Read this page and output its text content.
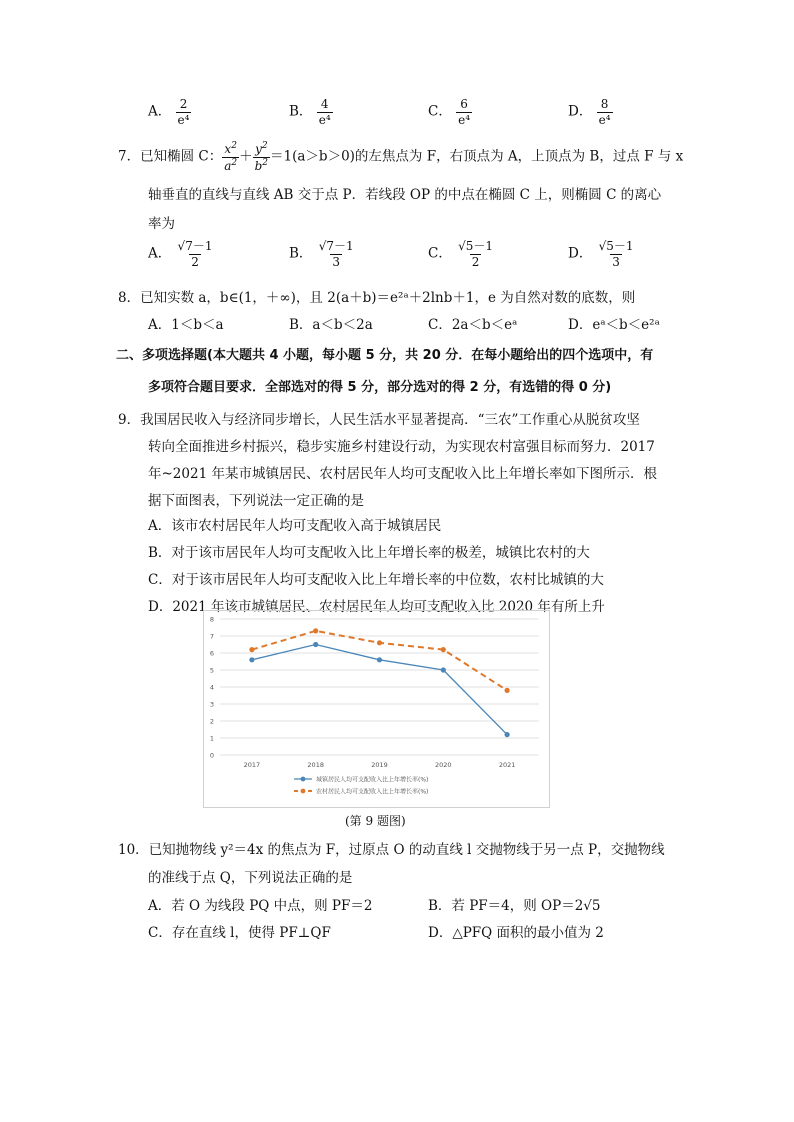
A． $\frac{2}{\text{e⁴}}$	B． $\frac{4}{\text{e⁴}}$	C． $\frac{6}{\text{e⁴}}$	D． $\frac{8}{\text{e⁴}}$
7．已知椭圆 C： $\frac{x^2}{a^2} + \frac{y^2}{b^2} =1(a>b>0)$的左焦点为 F，右顶点为 A，上顶点为 B，过点 F 与 x
轴垂直的直线与直线 AB 交于点 P．若线段 OP 的中点在椭圆 C 上，则椭圆 C 的离心
率为
A． $\frac{√7-1}{2}$	B． $\frac{√7-1}{3}$	C． $\frac{√5-1}{2}$	D． $\frac{√5-1}{3}$
8．已知实数 a，b∈(1，＋∞)，且 2(a＋b)＝e²ᵃ＋2lnb＋1，e 为自然对数的底数，则
A．1＜b＜a	B．a＜b＜2a	C．2a＜b＜eᵃ	D．eᵃ＜b＜e²ᵃ
二、多项选择题(本大题共 4 小题，每小题 5 分，共 20 分．在每小题给出的四个选项中，有
多项符合题目要求．全部选对的得 5 分，部分选对的得 2 分，有选错的得 0 分)
9．我国居民收入与经济同步增长，人民生活水平显著提高．“三农”工作重心从脱贫攻坚
转向全面推进乡村振兴，稳步实施乡村建设行动，为实现农村富强目标而努力．2017
年~2021 年某市城镇居民、农村居民年人均可支配收入比上年增长率如下图所示．根
据下面图表，下列说法一定正确的是
A．该市农村居民年人均可支配收入高于城镇居民
B．对于该市居民年人均可支配收入比上年增长率的极差，城镇比农村的大
C．对于该市居民年人均可支配收入比上年增长率的中位数，农村比城镇的大
D．2021 年该市城镇居民、农村居民年人均可支配收入比 2020 年有所上升
0
1
2
3
4
5
6
7
8
2017	2018	2019	2020	2021
城镇居民人均可支配收入比上年增长率(%)
农村居民人均可支配收入比上年增长率(%)
(第 9 题图)
10．已知抛物线 y²＝4x 的焦点为 F，过原点 O 的动直线 l 交抛物线于另一点 P，交抛物线
的准线于点 Q，下列说法正确的是
A．若 O 为线段 PQ 中点，则 PF＝2	B．若 PF＝4，则 OP＝2√5
C．存在直线 l，使得 PF⊥QF	D．△PFQ 面积的最小值为 2
